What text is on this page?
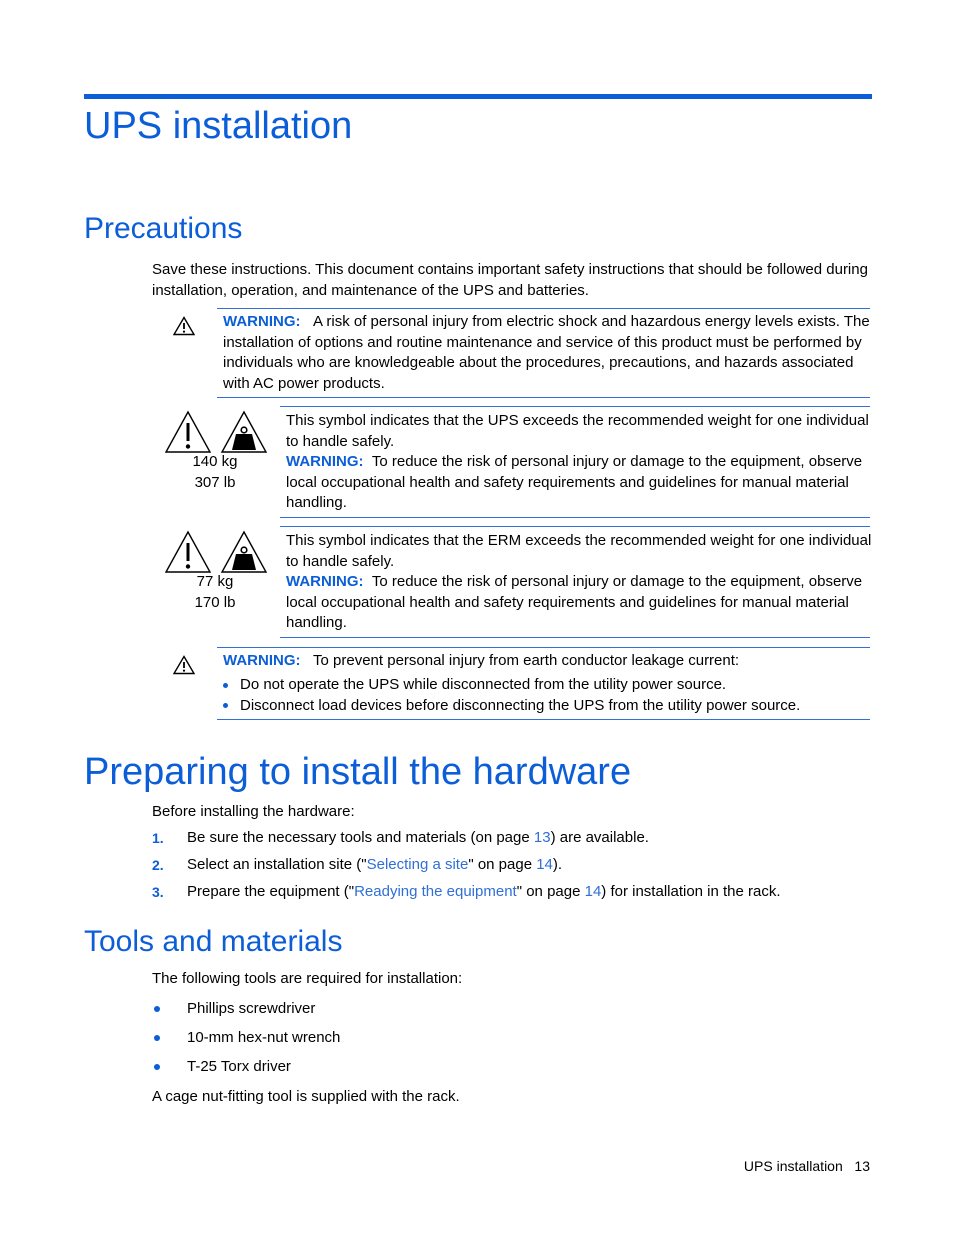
UPS installation
Precautions
Save these instructions. This document contains important safety instructions that should be followed during installation, operation, and maintenance of the UPS and batteries.
WARNING: A risk of personal injury from electric shock and hazardous energy levels exists. The
installation of options and routine maintenance and service of this product must be performed by
individuals who are knowledgeable about the procedures, precautions, and hazards associated
with AC power products.
140 kg
307 lb
This symbol indicates that the UPS exceeds the recommended weight for one individual
to handle safely.
WARNING: To reduce the risk of personal injury or damage to the equipment, observe
local occupational health and safety requirements and guidelines for manual material
handling.
77 kg
170 lb
This symbol indicates that the ERM exceeds the recommended weight for one individual
to handle safely.
WARNING: To reduce the risk of personal injury or damage to the equipment, observe
local occupational health and safety requirements and guidelines for manual material
handling.
WARNING: To prevent personal injury from earth conductor leakage current:
Do not operate the UPS while disconnected from the utility power source.
Disconnect load devices before disconnecting the UPS from the utility power source.
Preparing to install the hardware
Before installing the hardware:
1. Be sure the necessary tools and materials (on page 13) are available.
2. Select an installation site ("Selecting a site" on page 14).
3. Prepare the equipment ("Readying the equipment" on page 14) for installation in the rack.
Tools and materials
The following tools are required for installation:
Phillips screwdriver
10-mm hex-nut wrench
T-25 Torx driver
A cage nut-fitting tool is supplied with the rack.
UPS installation 13
